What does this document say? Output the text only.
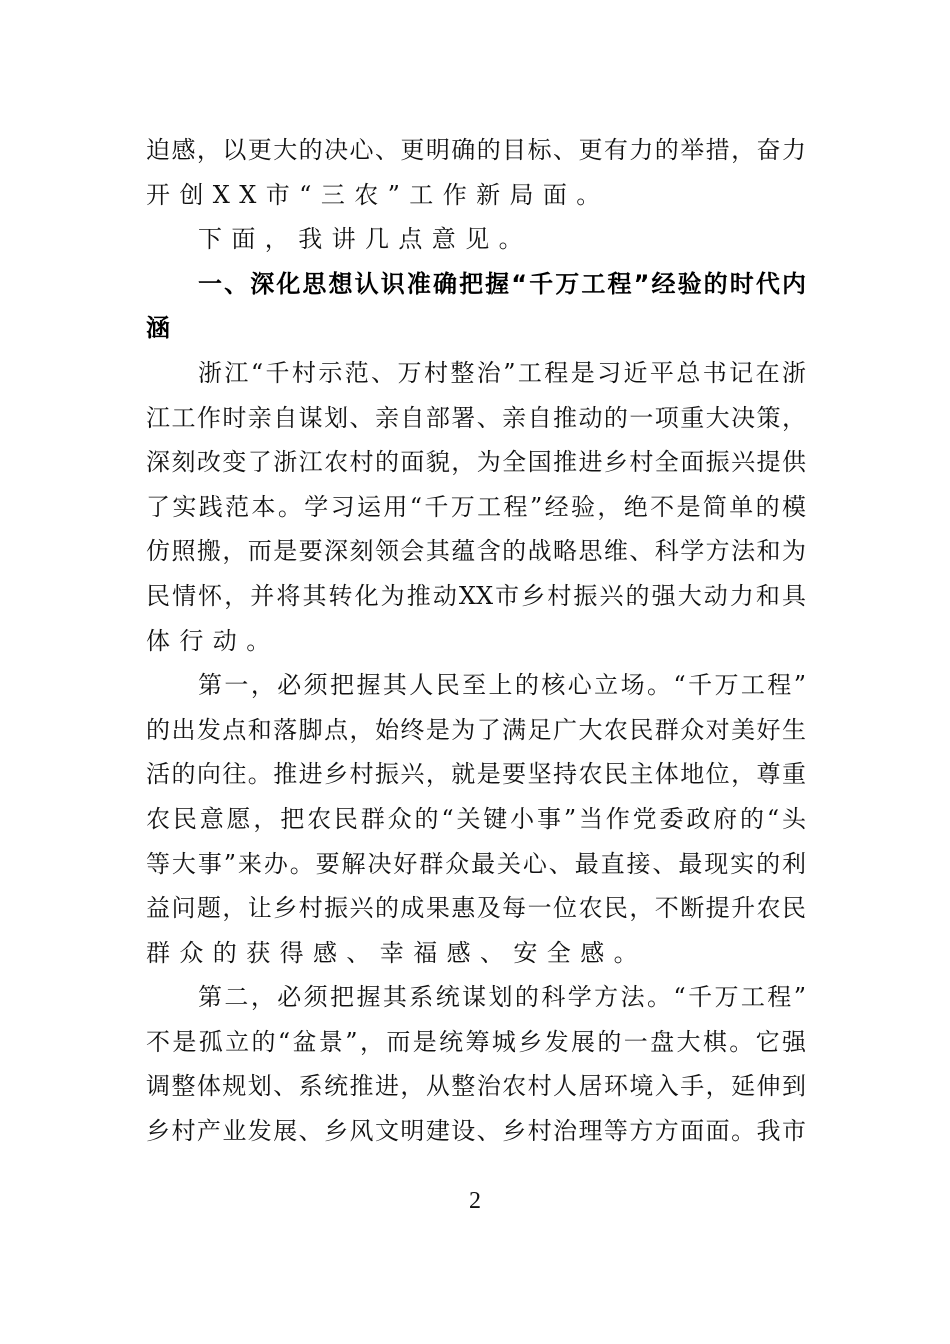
迫感，以更大的决心、更明确的目标、更有力的举措，奋力
开创XX市“三农”工作新局面。
下面，我讲几点意见。
一、深化思想认识准确把握“千万工程”经验的时代内
涵
浙江“千村示范、万村整治”工程是习近平总书记在浙
江工作时亲自谋划、亲自部署、亲自推动的一项重大决策，
深刻改变了浙江农村的面貌，为全国推进乡村全面振兴提供
了实践范本。学习运用“千万工程”经验，绝不是简单的模
仿照搬，而是要深刻领会其蕴含的战略思维、科学方法和为
民情怀，并将其转化为推动XX市乡村振兴的强大动力和具
体行动。
第一，必须把握其人民至上的核心立场。“千万工程”
的出发点和落脚点，始终是为了满足广大农民群众对美好生
活的向往。推进乡村振兴，就是要坚持农民主体地位，尊重
农民意愿，把农民群众的“关键小事”当作党委政府的“头
等大事”来办。要解决好群众最关心、最直接、最现实的利
益问题，让乡村振兴的成果惠及每一位农民，不断提升农民
群众的获得感、幸福感、安全感。
第二，必须把握其系统谋划的科学方法。“千万工程”
不是孤立的“盆景”，而是统筹城乡发展的一盘大棋。它强
调整体规划、系统推进，从整治农村人居环境入手，延伸到
乡村产业发展、乡风文明建设、乡村治理等方方面面。我市
2
